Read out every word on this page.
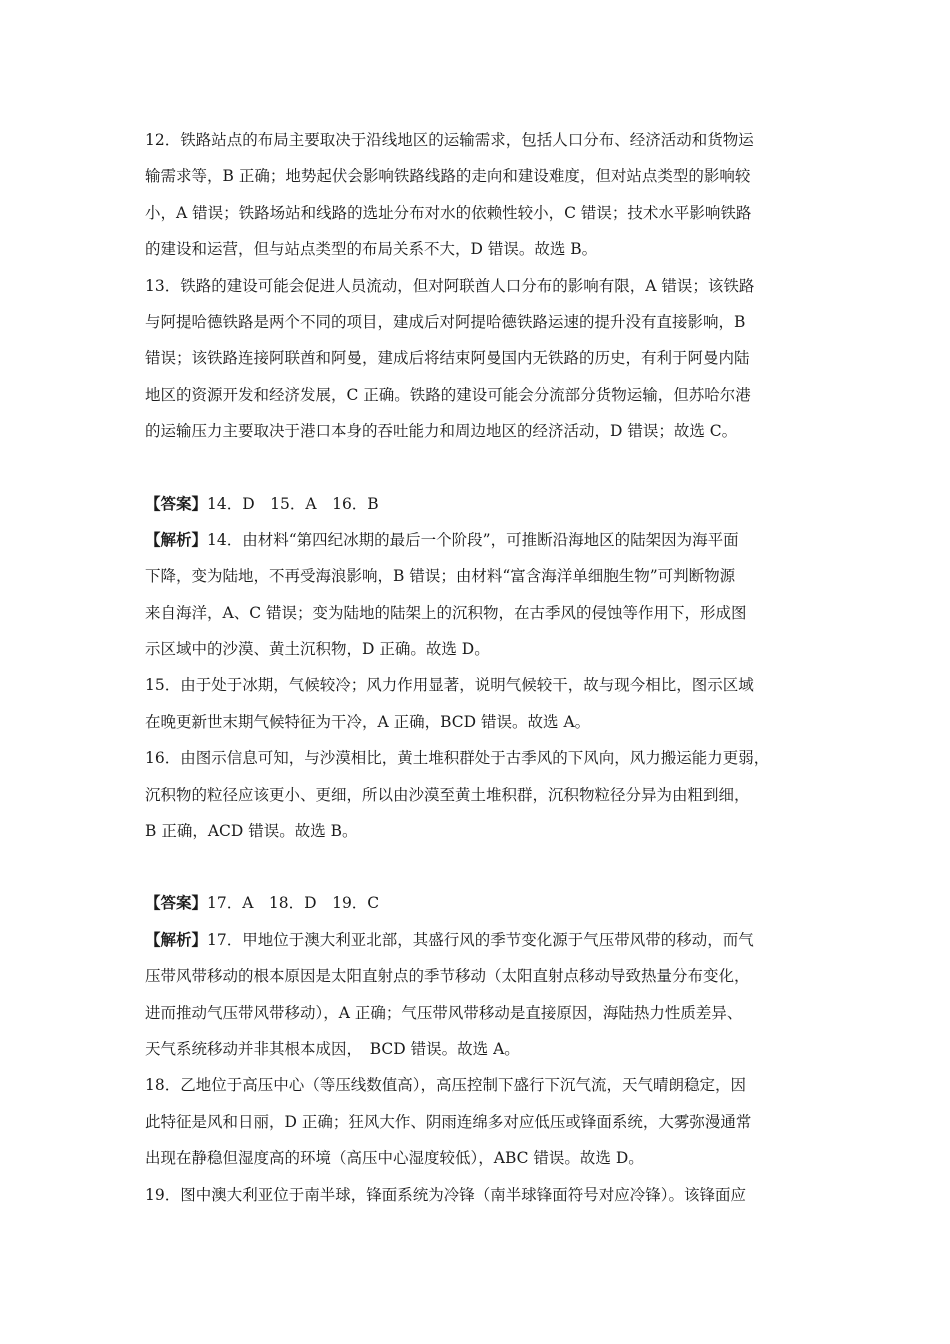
12．铁路站点的布局主要取决于沿线地区的运输需求，包括人口分布、经济活动和货物运
输需求等，B 正确；地势起伏会影响铁路线路的走向和建设难度，但对站点类型的影响较
小，A 错误；铁路场站和线路的选址分布对水的依赖性较小，C 错误；技术水平影响铁路
的建设和运营，但与站点类型的布局关系不大，D 错误。故选 B。
13．铁路的建设可能会促进人员流动，但对阿联酋人口分布的影响有限，A 错误；该铁路
与阿提哈德铁路是两个不同的项目，建成后对阿提哈德铁路运速的提升没有直接影响，B
错误；该铁路连接阿联酋和阿曼，建成后将结束阿曼国内无铁路的历史，有利于阿曼内陆
地区的资源开发和经济发展，C 正确。铁路的建设可能会分流部分货物运输，但苏哈尔港
的运输压力主要取决于港口本身的吞吐能力和周边地区的经济活动，D 错误；故选 C。
【答案】14．D　15．A　16．B
【解析】14．由材料“第四纪冰期的最后一个阶段”，可推断沿海地区的陆架因为海平面
下降，变为陆地，不再受海浪影响，B 错误；由材料“富含海洋单细胞生物”可判断物源
来自海洋，A、C 错误；变为陆地的陆架上的沉积物，在古季风的侵蚀等作用下，形成图
示区域中的沙漠、黄土沉积物，D 正确。故选 D。
15．由于处于冰期，气候较冷；风力作用显著，说明气候较干，故与现今相比，图示区域
在晚更新世末期气候特征为干冷，A 正确，BCD 错误。故选 A。
16．由图示信息可知，与沙漠相比，黄土堆积群处于古季风的下风向，风力搬运能力更弱，
沉积物的粒径应该更小、更细，所以由沙漠至黄土堆积群，沉积物粒径分异为由粗到细，
B 正确，ACD 错误。故选 B。
【答案】17．A　18．D　19．C
【解析】17．甲地位于澳大利亚北部，其盛行风的季节变化源于气压带风带的移动，而气
压带风带移动的根本原因是太阳直射点的季节移动（太阳直射点移动导致热量分布变化，
进而推动气压带风带移动），A 正确；气压带风带移动是直接原因，海陆热力性质差异、
天气系统移动并非其根本成因，　BCD 错误。故选 A。
18．乙地位于高压中心（等压线数值高），高压控制下盛行下沉气流，天气晴朗稳定，因
此特征是风和日丽，D 正确；狂风大作、阴雨连绵多对应低压或锋面系统，大雾弥漫通常
出现在静稳但湿度高的环境（高压中心湿度较低），ABC 错误。故选 D。
19．图中澳大利亚位于南半球，锋面系统为冷锋（南半球锋面符号对应冷锋）。该锋面应
